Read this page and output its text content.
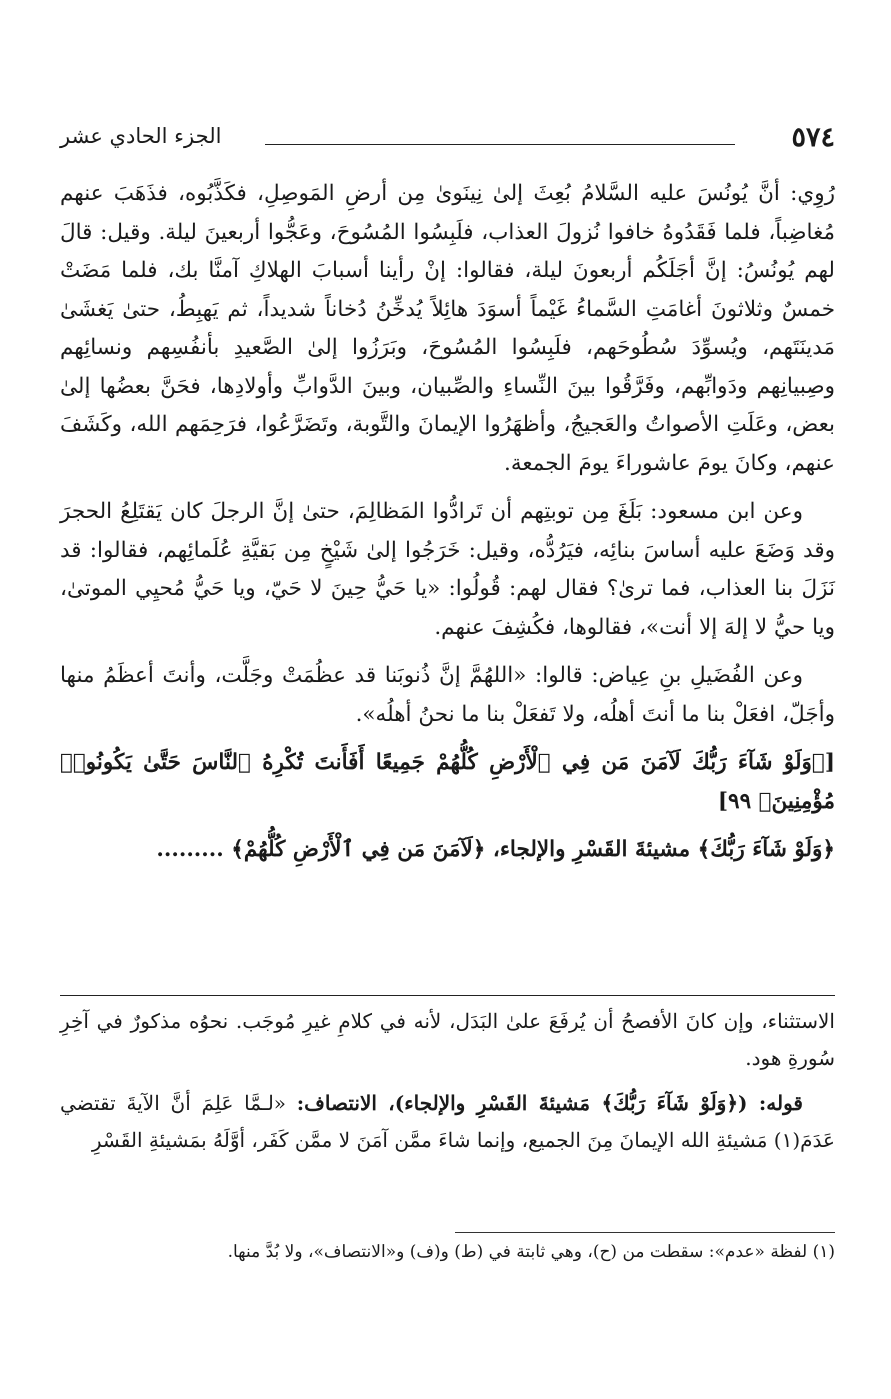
٥٧٤
الجزء الحادي عشر

رُوِي: أنَّ يُونُسَ عليه السَّلامُ بُعِثَ إلىٰ نِينَوىٰ مِن أرضِ المَوصِلِ، فكَذَّبُوه، فذَهَبَ عنهم مُغاضِباً، فلما فَقَدُوهُ خافوا نُزولَ العذاب، فلَبِسُوا المُسُوحَ، وعَجُّوا أربعينَ ليلة. وقيل: قالَ لهم يُونُسُ: إنَّ أجَلَكُم أربعونَ ليلة، فقالوا: إنْ رأينا أسبابَ الهلاكِ آمنَّا بك، فلما مَضَتْ خمسٌ وثلاثونَ أغامَتِ السَّماءُ غَيْماً أسوَدَ هائِلاً يُدخِّنُ دُخاناً شديداً، ثم يَهبِطُ، حتىٰ يَغشَىٰ مَدينَتَهم، ويُسوِّدَ سُطُوحَهم، فلَبِسُوا المُسُوحَ، وبَرَزُوا إلىٰ الصَّعيدِ بأنفُسِهم ونسائِهم وصِبيانِهم ودَوابِّهم، وفَرَّقُوا بينَ النِّساءِ والصِّبيان، وبينَ الدَّوابِّ وأولادِها، فحَنَّ بعضُها إلىٰ بعض، وعَلَتِ الأصواتُ والعَجيجُ، وأظهَرُوا الإيمانَ والتَّوبة، وتَضَرَّعُوا، فرَحِمَهم الله، وكَشَفَ عنهم، وكانَ يومَ عاشوراءَ يومَ الجمعة.

وعن ابن مسعود: بَلَغَ مِن توبتِهم أن تَرادُّوا المَظالِمَ، حتىٰ إنَّ الرجلَ كان يَقتَلِعُ الحجرَ وقد وَضَعَ عليه أساسَ بنائِه، فيَرُدُّه، وقيل: خَرَجُوا إلىٰ شَيْخٍ مِن بَقيَّةِ عُلَمائِهم، فقالوا: قد نَزَلَ بنا العذاب، فما ترىٰ؟ فقال لهم: قُولُوا: «يا حَيُّ حِينَ لا حَيّ، ويا حَيُّ مُحيِي الموتىٰ، ويا حيُّ لا إلهَ إلا أنت»، فقالوها، فكُشِفَ عنهم.

وعن الفُضَيلِ بنِ عِياض: قالوا: «اللهُمَّ إنَّ ذُنوبَنا قد عظُمَتْ وجَلَّت، وأنتَ أعظَمُ منها وأجَلّ، افعَلْ بنا ما أنتَ أهلُه، ولا تَفعَلْ بنا ما نحنُ أهلُه».

[﴿وَلَوْ شَآءَ رَبُّكَ لَآمَنَ مَن فِي ٱلْأَرْضِ كُلُّهُمْ جَمِيعًا أَفَأَنتَ تُكْرِهُ ٱلنَّاسَ حَتَّىٰ يَكُونُوا۟ مُؤْمِنِينَ﴾ ٩٩]

﴿وَلَوْ شَآءَ رَبُّكَ﴾ مشيئةَ القَسْرِ والإلجاء، ﴿لَآمَنَ مَن فِي ٱلْأَرْضِ كُلُّهُمْ﴾ .........

الاستثناء، وإن كانَ الأفصحُ أن يُرفَعَ علىٰ البَدَل، لأنه في كلامِ غيرِ مُوجَب. نحوُه مذكورٌ في آخِرِ سُورةِ هود.

قوله: (﴿وَلَوْ شَآءَ رَبُّكَ﴾ مَشيئةَ القَسْرِ والإلجاء)، الانتصاف: «لـمَّا عَلِمَ أنَّ الآيةَ تقتضي عَدَمَ(١) مَشيئةِ الله الإيمانَ مِنَ الجميع، وإنما شاءَ ممَّن آمَنَ لا ممَّن كَفَر، أوَّلَهُ بمَشيئةِ القَسْرِ

(١) لفظة «عدم»: سقطت من (ح)، وهي ثابتة في (ط) و(ف) و«الانتصاف»، ولا بُدَّ منها.
